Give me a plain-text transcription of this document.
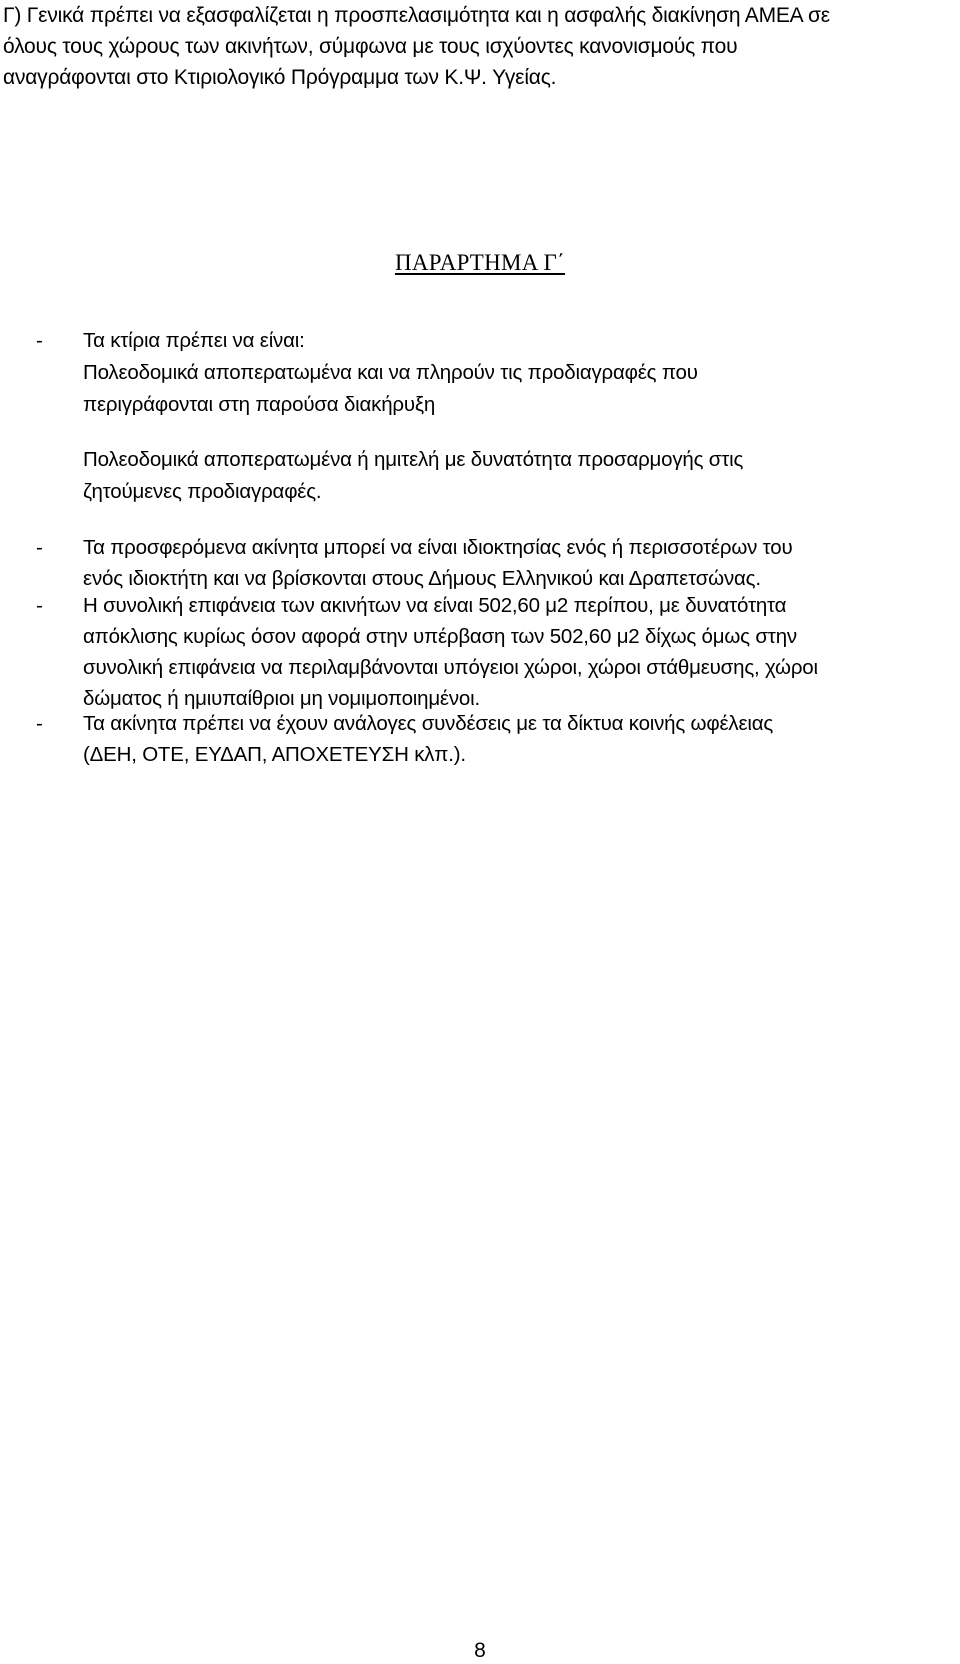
Γ) Γενικά πρέπει να εξασφαλίζεται η προσπελασιμότητα και η ασφαλής διακίνηση ΑΜΕΑ σε
όλους τους χώρους των ακινήτων, σύμφωνα με τους ισχύοντες κανονισμούς που
αναγράφονται στο Κτιριολογικό Πρόγραμμα των Κ.Ψ. Υγείας.
ΠΑΡΑΡΤΗΜΑ Γ΄
- Τα κτίρια πρέπει να είναι:
Πολεοδομικά αποπερατωμένα και να πληρούν τις προδιαγραφές που
περιγράφονται στη παρούσα διακήρυξη
Πολεοδομικά αποπερατωμένα ή ημιτελή με δυνατότητα προσαρμογής στις
ζητούμενες προδιαγραφές.
- Τα προσφερόμενα ακίνητα μπορεί να είναι ιδιοκτησίας ενός ή περισσοτέρων του
ενός ιδιοκτήτη και να βρίσκονται στους Δήμους Ελληνικού και Δραπετσώνας.
- Η συνολική επιφάνεια των ακινήτων να είναι 502,60 μ2 περίπου, με δυνατότητα
απόκλισης κυρίως όσον αφορά στην υπέρβαση των 502,60 μ2 δίχως όμως στην
συνολική επιφάνεια να περιλαμβάνονται υπόγειοι χώροι, χώροι στάθμευσης, χώροι
δώματος ή ημιυπαίθριοι μη νομιμοποιημένοι.
- Τα ακίνητα πρέπει να έχουν ανάλογες συνδέσεις με τα δίκτυα κοινής ωφέλειας
(ΔΕΗ, ΟΤΕ, ΕΥΔΑΠ, ΑΠΟΧΕΤΕΥΣΗ κλπ.).
8
